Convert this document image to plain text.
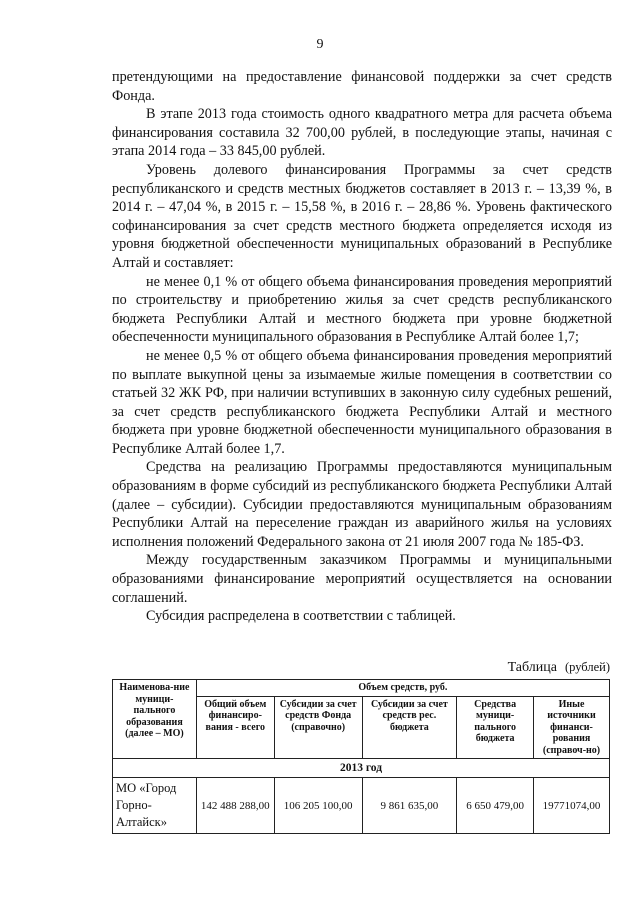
9

претендующими на предоставление финансовой поддержки за счет средств Фонда.

В этапе 2013 года стоимость одного квадратного метра для расчета объема финансирования составила 32 700,00 рублей, в последующие этапы, начиная с этапа 2014 года – 33 845,00 рублей.

Уровень долевого финансирования Программы за счет средств республиканского и средств местных бюджетов составляет в 2013 г. – 13,39 %, в 2014 г. – 47,04 %, в 2015 г. – 15,58 %, в 2016 г. – 28,86 %. Уровень фактического софинансирования за счет средств местного бюджета определяется исходя из уровня бюджетной обеспеченности муниципальных образований в Республике Алтай и составляет:

не менее 0,1 % от общего объема финансирования проведения мероприятий по строительству и приобретению жилья за счет средств республиканского бюджета Республики Алтай и местного бюджета при уровне бюджетной обеспеченности муниципального образования в Республике Алтай более 1,7;

не менее 0,5 % от общего объема финансирования проведения мероприятий по выплате выкупной цены за изымаемые жилые помещения в соответствии со статьей 32 ЖК РФ, при наличии вступивших в законную силу судебных решений, за счет средств республиканского бюджета Республики Алтай и местного бюджета при уровне бюджетной обеспеченности муниципального образования в Республике Алтай более 1,7.

Средства на реализацию Программы предоставляются муниципальным образованиям в форме субсидий из республиканского бюджета Республики Алтай (далее – субсидии). Субсидии предоставляются муниципальным образованиям Республики Алтай на переселение граждан из аварийного жилья на условиях исполнения положений Федерального закона от 21 июля 2007 года № 185-ФЗ.

Между государственным заказчиком Программы и муниципальными образованиями финансирование мероприятий осуществляется на основании соглашений.

Субсидия распределена в соответствии с таблицей.

Таблица (рублей)
Наименова-ние муници-пального образования (далее – МО)	Объем средств, руб.				
	Общий объем финансиро-вания - всего	Субсидии за счет средств Фонда (справочно)	Субсидии за счет средств рес. бюджета	Средства муници-пального бюджета	Иные источники финанси-рования (справоч-но)
2013 год					
МО «Город Горно-Алтайск»	142 488 288,00	106 205 100,00	9 861 635,00	6 650 479,00	19771074,00
